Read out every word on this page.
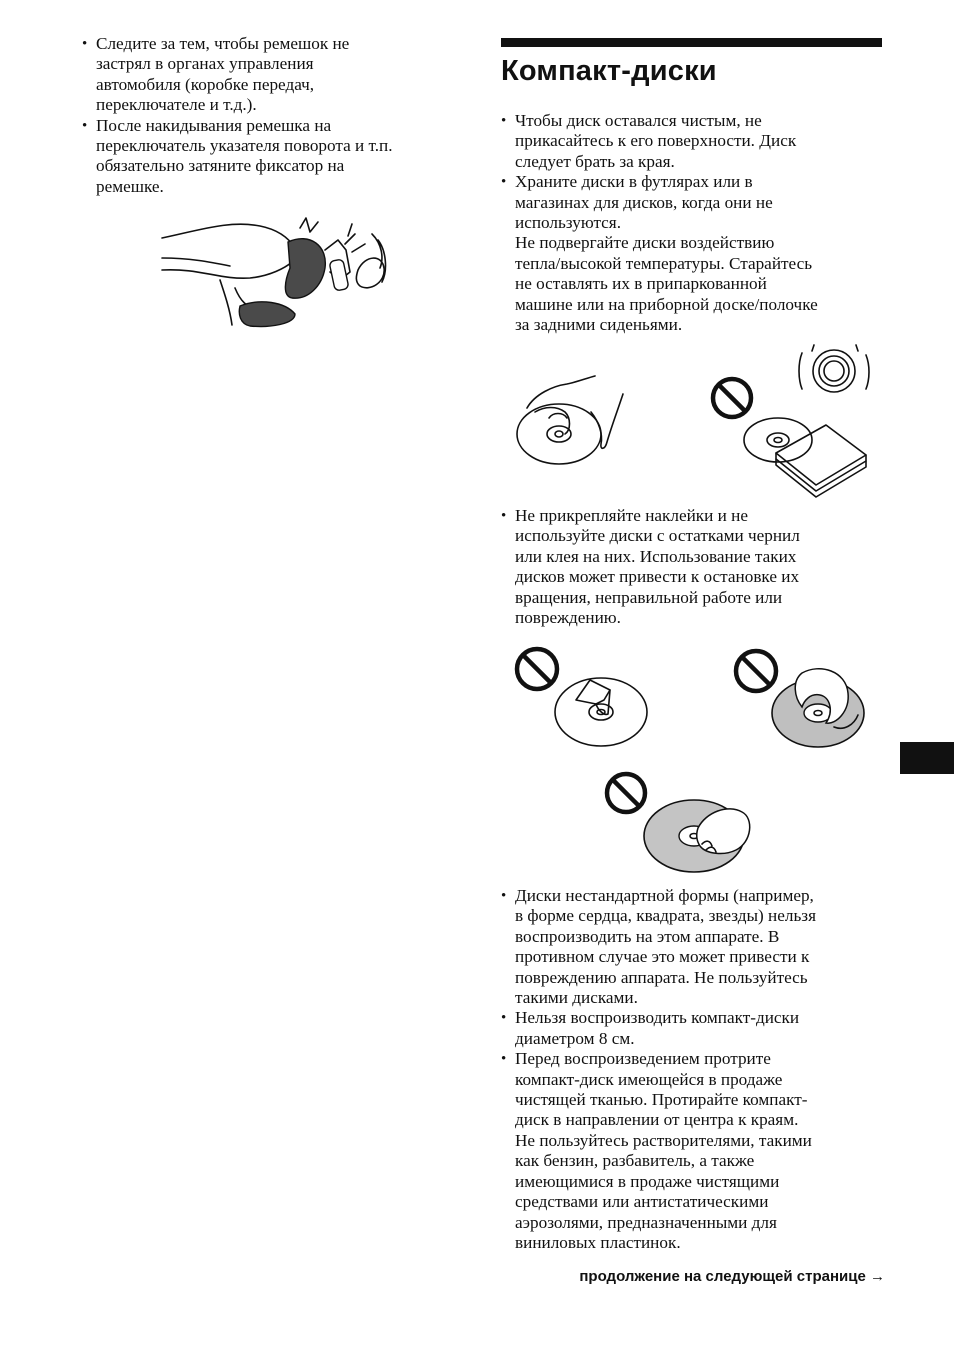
• Следите за тем, чтобы ремешок не
застрял в органах управления
автомобиля (коробке передач,
переключателе и т.д.).
• После накидывания ремешка на
переключатель указателя поворота и т.п.
обязательно затяните фиксатор на
ремешке.
Компакт-диски
• Чтобы диск оставался чистым, не
прикасайтесь к его поверхности. Диск
следует брать за края.
• Храните диски в футлярах или в
магазинах для дисков, когда они не
используются.
Не подвергайте диски воздействию
тепла/высокой температуры. Старайтесь
не оставлять их в припаркованной
машине или на приборной доске/полочке
за задними сиденьями.
• Не прикрепляйте наклейки и не
используйте диски с остатками чернил
или клея на них. Использование таких
дисков может привести к остановке их
вращения, неправильной работе или
повреждению.
• Диски нестандартной формы (например,
в форме сердца, квадрата, звезды) нельзя
воспроизводить на этом аппарате. В
противном случае это может привести к
повреждению аппарата. Не пользуйтесь
такими дисками.
• Нельзя воспроизводить компакт-диски
диаметром 8 см.
• Перед воспроизведением протрите
компакт-диск имеющейся в продаже
чистящей тканью. Протирайте компакт-
диск в направлении от центра к краям.
Не пользуйтесь растворителями, такими
как бензин, разбавитель, а также
имеющимися в продаже чистящими
средствами или антистатическими
аэрозолями, предназначенными для
виниловых пластинок.
продолжение на следующей странице →
